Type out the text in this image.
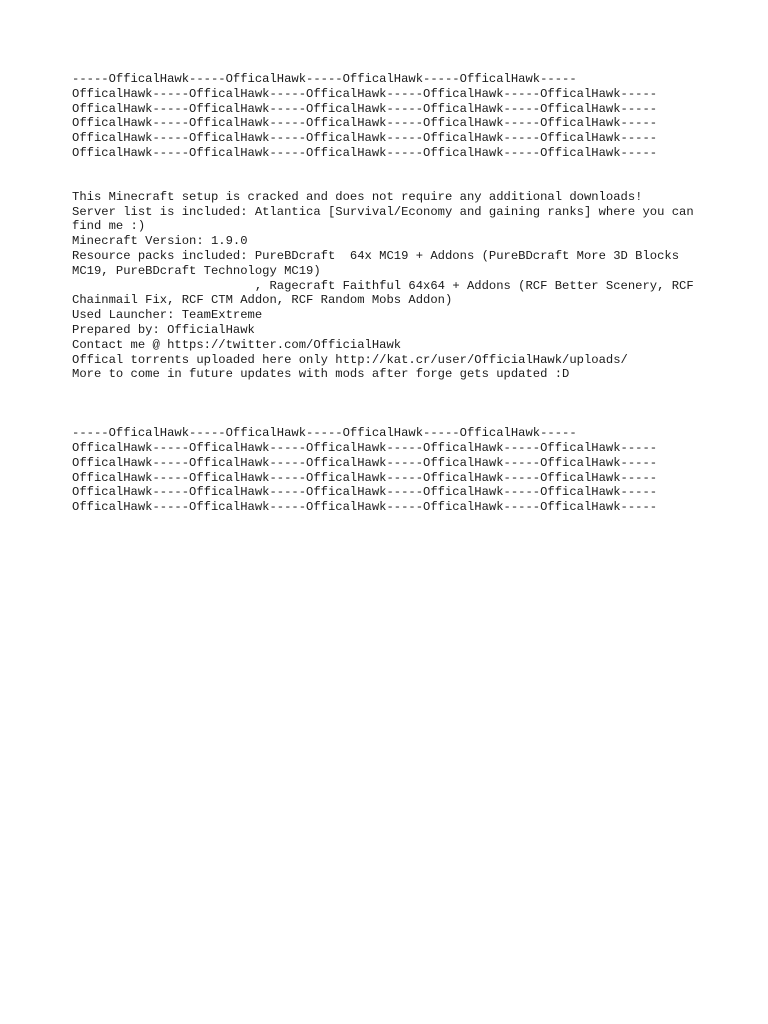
-----OfficalHawk-----OfficalHawk-----OfficalHawk-----OfficalHawk-----
OfficalHawk-----OfficalHawk-----OfficalHawk-----OfficalHawk-----OfficalHawk-----
OfficalHawk-----OfficalHawk-----OfficalHawk-----OfficalHawk-----OfficalHawk-----
OfficalHawk-----OfficalHawk-----OfficalHawk-----OfficalHawk-----OfficalHawk-----
OfficalHawk-----OfficalHawk-----OfficalHawk-----OfficalHawk-----OfficalHawk-----
OfficalHawk-----OfficalHawk-----OfficalHawk-----OfficalHawk-----OfficalHawk-----
This Minecraft setup is cracked and does not require any additional downloads!
Server list is included: Atlantica [Survival/Economy and gaining ranks] where you can find me :)
Minecraft Version: 1.9.0
Resource packs included: PureBDcraft  64x MC19 + Addons (PureBDcraft More 3D Blocks MC19, PureBDcraft Technology MC19)
, Ragecraft Faithful 64x64 + Addons (RCF Better Scenery, RCF Chainmail Fix, RCF CTM Addon, RCF Random Mobs Addon)
Used Launcher: TeamExtreme
Prepared by: OfficialHawk
Contact me @ https://twitter.com/OfficialHawk
Offical torrents uploaded here only http://kat.cr/user/OfficialHawk/uploads/
More to come in future updates with mods after forge gets updated :D
-----OfficalHawk-----OfficalHawk-----OfficalHawk-----OfficalHawk-----
OfficalHawk-----OfficalHawk-----OfficalHawk-----OfficalHawk-----OfficalHawk-----
OfficalHawk-----OfficalHawk-----OfficalHawk-----OfficalHawk-----OfficalHawk-----
OfficalHawk-----OfficalHawk-----OfficalHawk-----OfficalHawk-----OfficalHawk-----
OfficalHawk-----OfficalHawk-----OfficalHawk-----OfficalHawk-----OfficalHawk-----
OfficalHawk-----OfficalHawk-----OfficalHawk-----OfficalHawk-----OfficalHawk-----
